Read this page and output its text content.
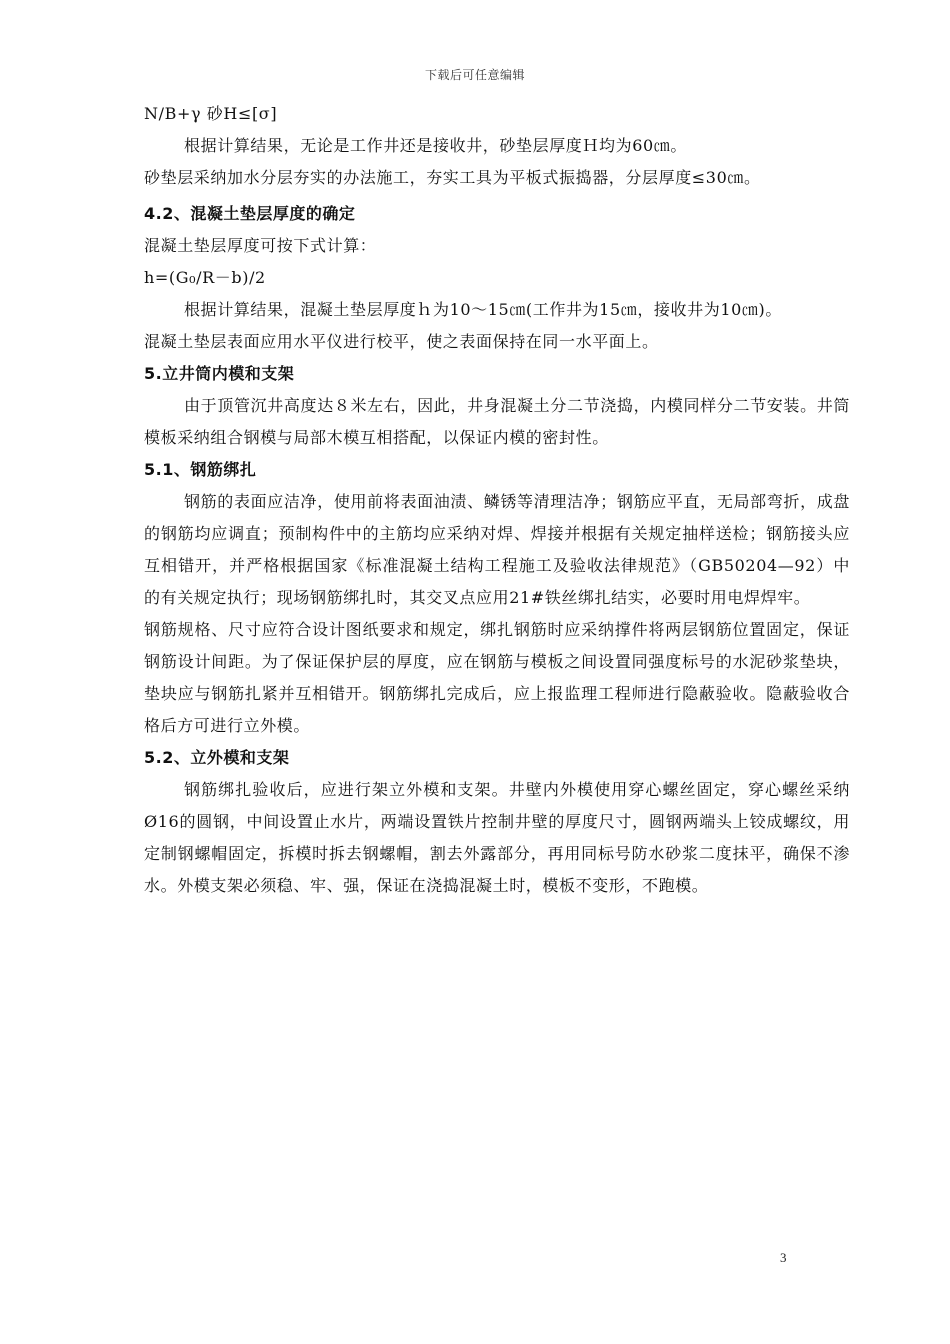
下载后可任意编辑
N/B+γ 砂H≤[σ]
根据计算结果，无论是工作井还是接收井，砂垫层厚度Ｈ均为60㎝。
砂垫层采纳加水分层夯实的办法施工，夯实工具为平板式振捣器，分层厚度≤30㎝。
4.2、混凝土垫层厚度的确定
混凝土垫层厚度可按下式计算：
h=(G₀/R－b)/2
根据计算结果，混凝土垫层厚度ｈ为10～15㎝(工作井为15㎝，接收井为10㎝)。
混凝土垫层表面应用水平仪进行校平，使之表面保持在同一水平面上。
5.立井筒内模和支架
由于顶管沉井高度达８米左右，因此，井身混凝土分二节浇捣，内模同样分二节安装。井筒模板采纳组合钢模与局部木模互相搭配，以保证内模的密封性。
5.1、钢筋绑扎
钢筋的表面应洁净，使用前将表面油渍、鳞锈等清理洁净；钢筋应平直，无局部弯折，成盘的钢筋均应调直；预制构件中的主筋均应采纳对焊、焊接并根据有关规定抽样送检；钢筋接头应互相错开，并严格根据国家《标准混凝土结构工程施工及验收法律规范》（GB50204—92）中的有关规定执行；现场钢筋绑扎时，其交叉点应用21#铁丝绑扎结实，必要时用电焊焊牢。
钢筋规格、尺寸应符合设计图纸要求和规定，绑扎钢筋时应采纳撑件将两层钢筋位置固定，保证钢筋设计间距。为了保证保护层的厚度，应在钢筋与模板之间设置同强度标号的水泥砂浆垫块，垫块应与钢筋扎紧并互相错开。钢筋绑扎完成后，应上报监理工程师进行隐蔽验收。隐蔽验收合格后方可进行立外模。
5.2、立外模和支架
钢筋绑扎验收后，应进行架立外模和支架。井壁内外模使用穿心螺丝固定，穿心螺丝采纳Ø16的圆钢，中间设置止水片，两端设置铁片控制井壁的厚度尺寸，圆钢两端头上铰成螺纹，用定制钢螺帽固定，拆模时拆去钢螺帽，割去外露部分，再用同标号防水砂浆二度抹平，确保不渗水。外模支架必须稳、牢、强，保证在浇捣混凝土时，模板不变形，不跑模。
3
